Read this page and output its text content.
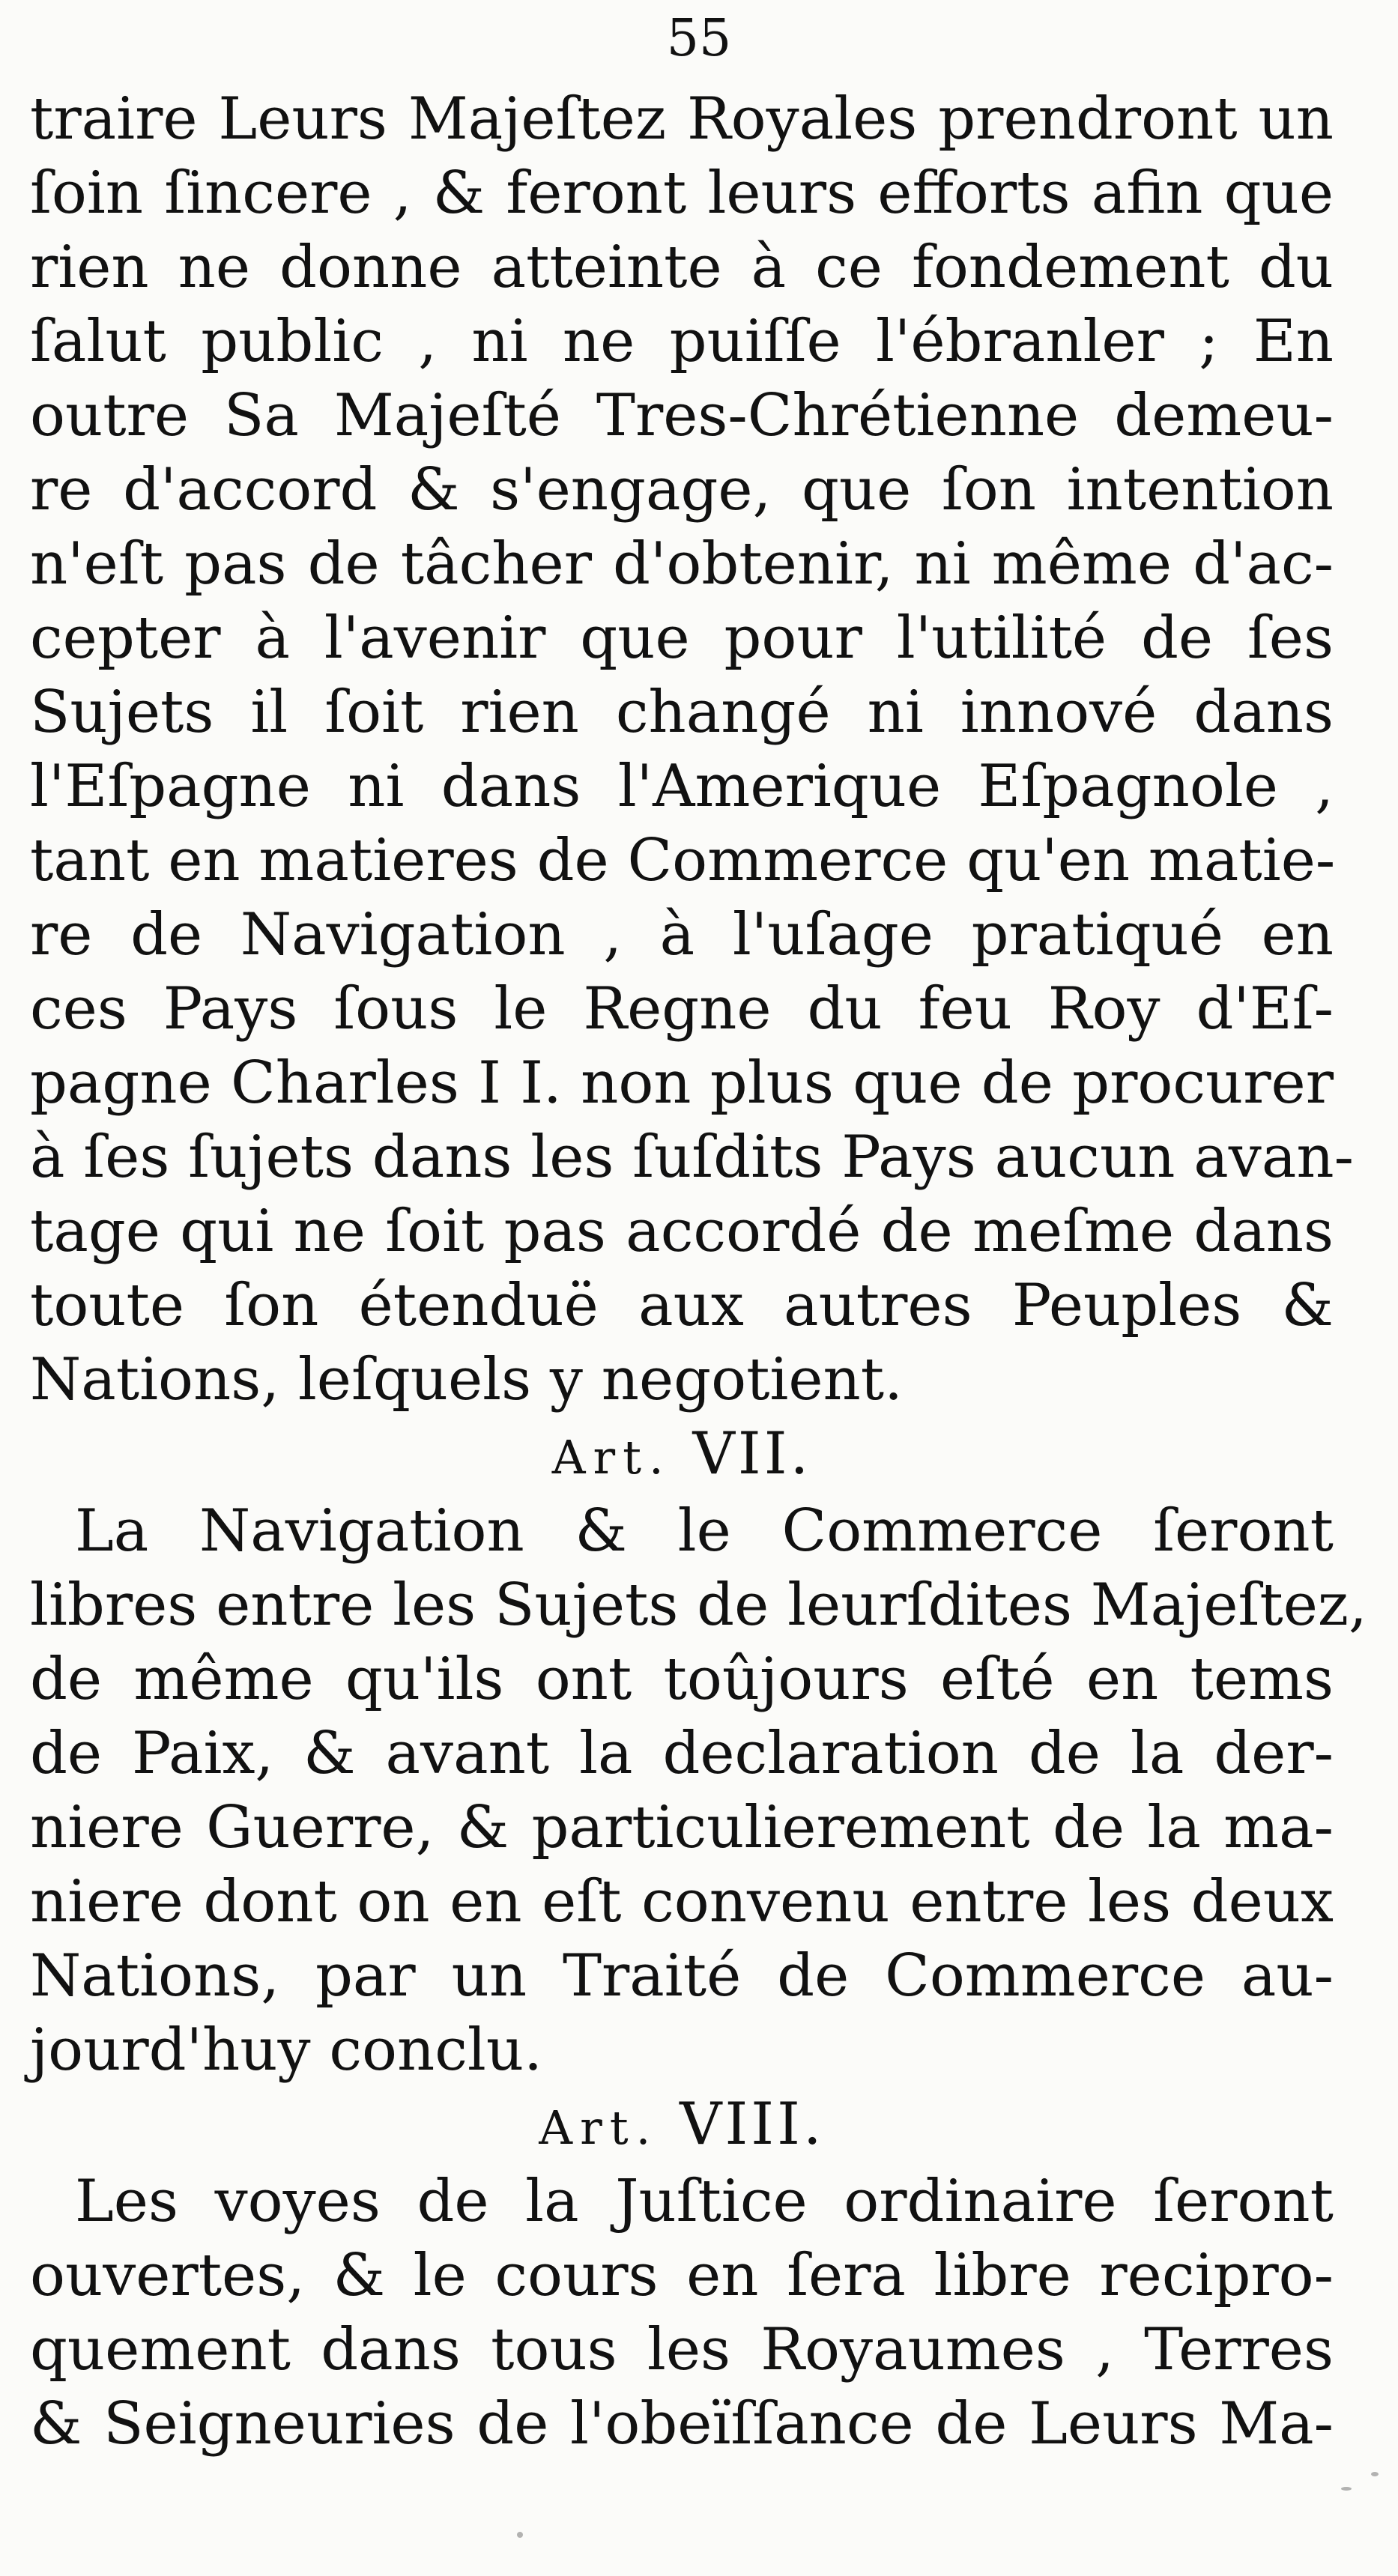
55
traire Leurs Majeſtez Royales prendront un
ſoin ſincere , & feront leurs efforts afin que
rien ne donne atteinte à ce fondement du
ſalut public , ni ne puiſſe l'ébranler ; En
outre Sa Majeſté Tres-Chrétienne demeu-
re d'accord & s'engage, que ſon intention
n'eſt pas de tâcher d'obtenir, ni même d'ac-
cepter à l'avenir que pour l'utilité de ſes
Sujets il ſoit rien changé ni innové dans
l'Eſpagne ni dans l'Amerique Eſpagnole ,
tant en matieres de Commerce qu'en matie-
re de Navigation , à l'uſage pratiqué en
ces Pays ſous le Regne du feu Roy d'Eſ-
pagne Charles I I. non plus que de procurer
à ſes ſujets dans les ſuſdits Pays aucun avan-
tage qui ne ſoit pas accordé de meſme dans
toute ſon étenduë aux autres Peuples &
Nations, leſquels y negotient.
Art. VII.
La Navigation & le Commerce ſeront
libres entre les Sujets de leurſdites Majeſtez,
de même qu'ils ont toûjours eſté en tems
de Paix, & avant la declaration de la der-
niere Guerre, & particulierement de la ma-
niere dont on en eſt convenu entre les deux
Nations, par un Traité de Commerce au-
jourd'huy conclu.
Art. VIII.
Les voyes de la Juſtice ordinaire ſeront
ouvertes, & le cours en ſera libre recipro-
quement dans tous les Royaumes , Terres
& Seigneuries de l'obeïſſance de Leurs Ma-
